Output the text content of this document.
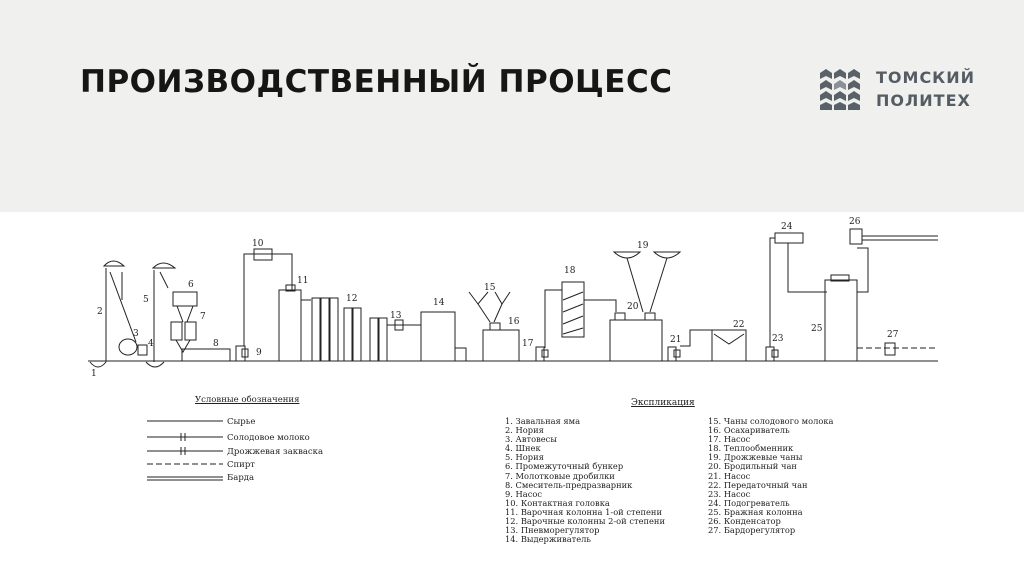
ПРОИЗВОДСТВЕННЫЙ ПРОЦЕСС	ТОМСКИЙ
ПОЛИТЕХ
1
2
3
4
5
6
7
8
9
10
11
12
13
14
15
16
17
18
19
20
21
22
23
24
25
26
27
Условные обозначения
Сырье
Солодовое молоко
Дрожжевая закваска
Спирт
Барда
Экспликация
1. Завальная яма
2. Нория
3. Автовесы
4. Шнек
5. Нория
6. Промежуточный бункер
7. Молотковые дробилки
8. Смеситель-предразварник
9. Насос
10. Контактная головка
11. Варочная колонна 1-ой степени
12. Варочные колонны 2-ой степени
13. Пневморегулятор
14. Выдерживатель
15. Чаны солодового молока
16. Осахариватель
17. Насос
18. Теплообменник
19. Дрожжевые чаны
20. Бродильный чан
21. Насос
22. Передаточный чан
23. Насос
24. Подогреватель
25. Бражная колонна
26. Конденсатор
27. Бардорегулятор
